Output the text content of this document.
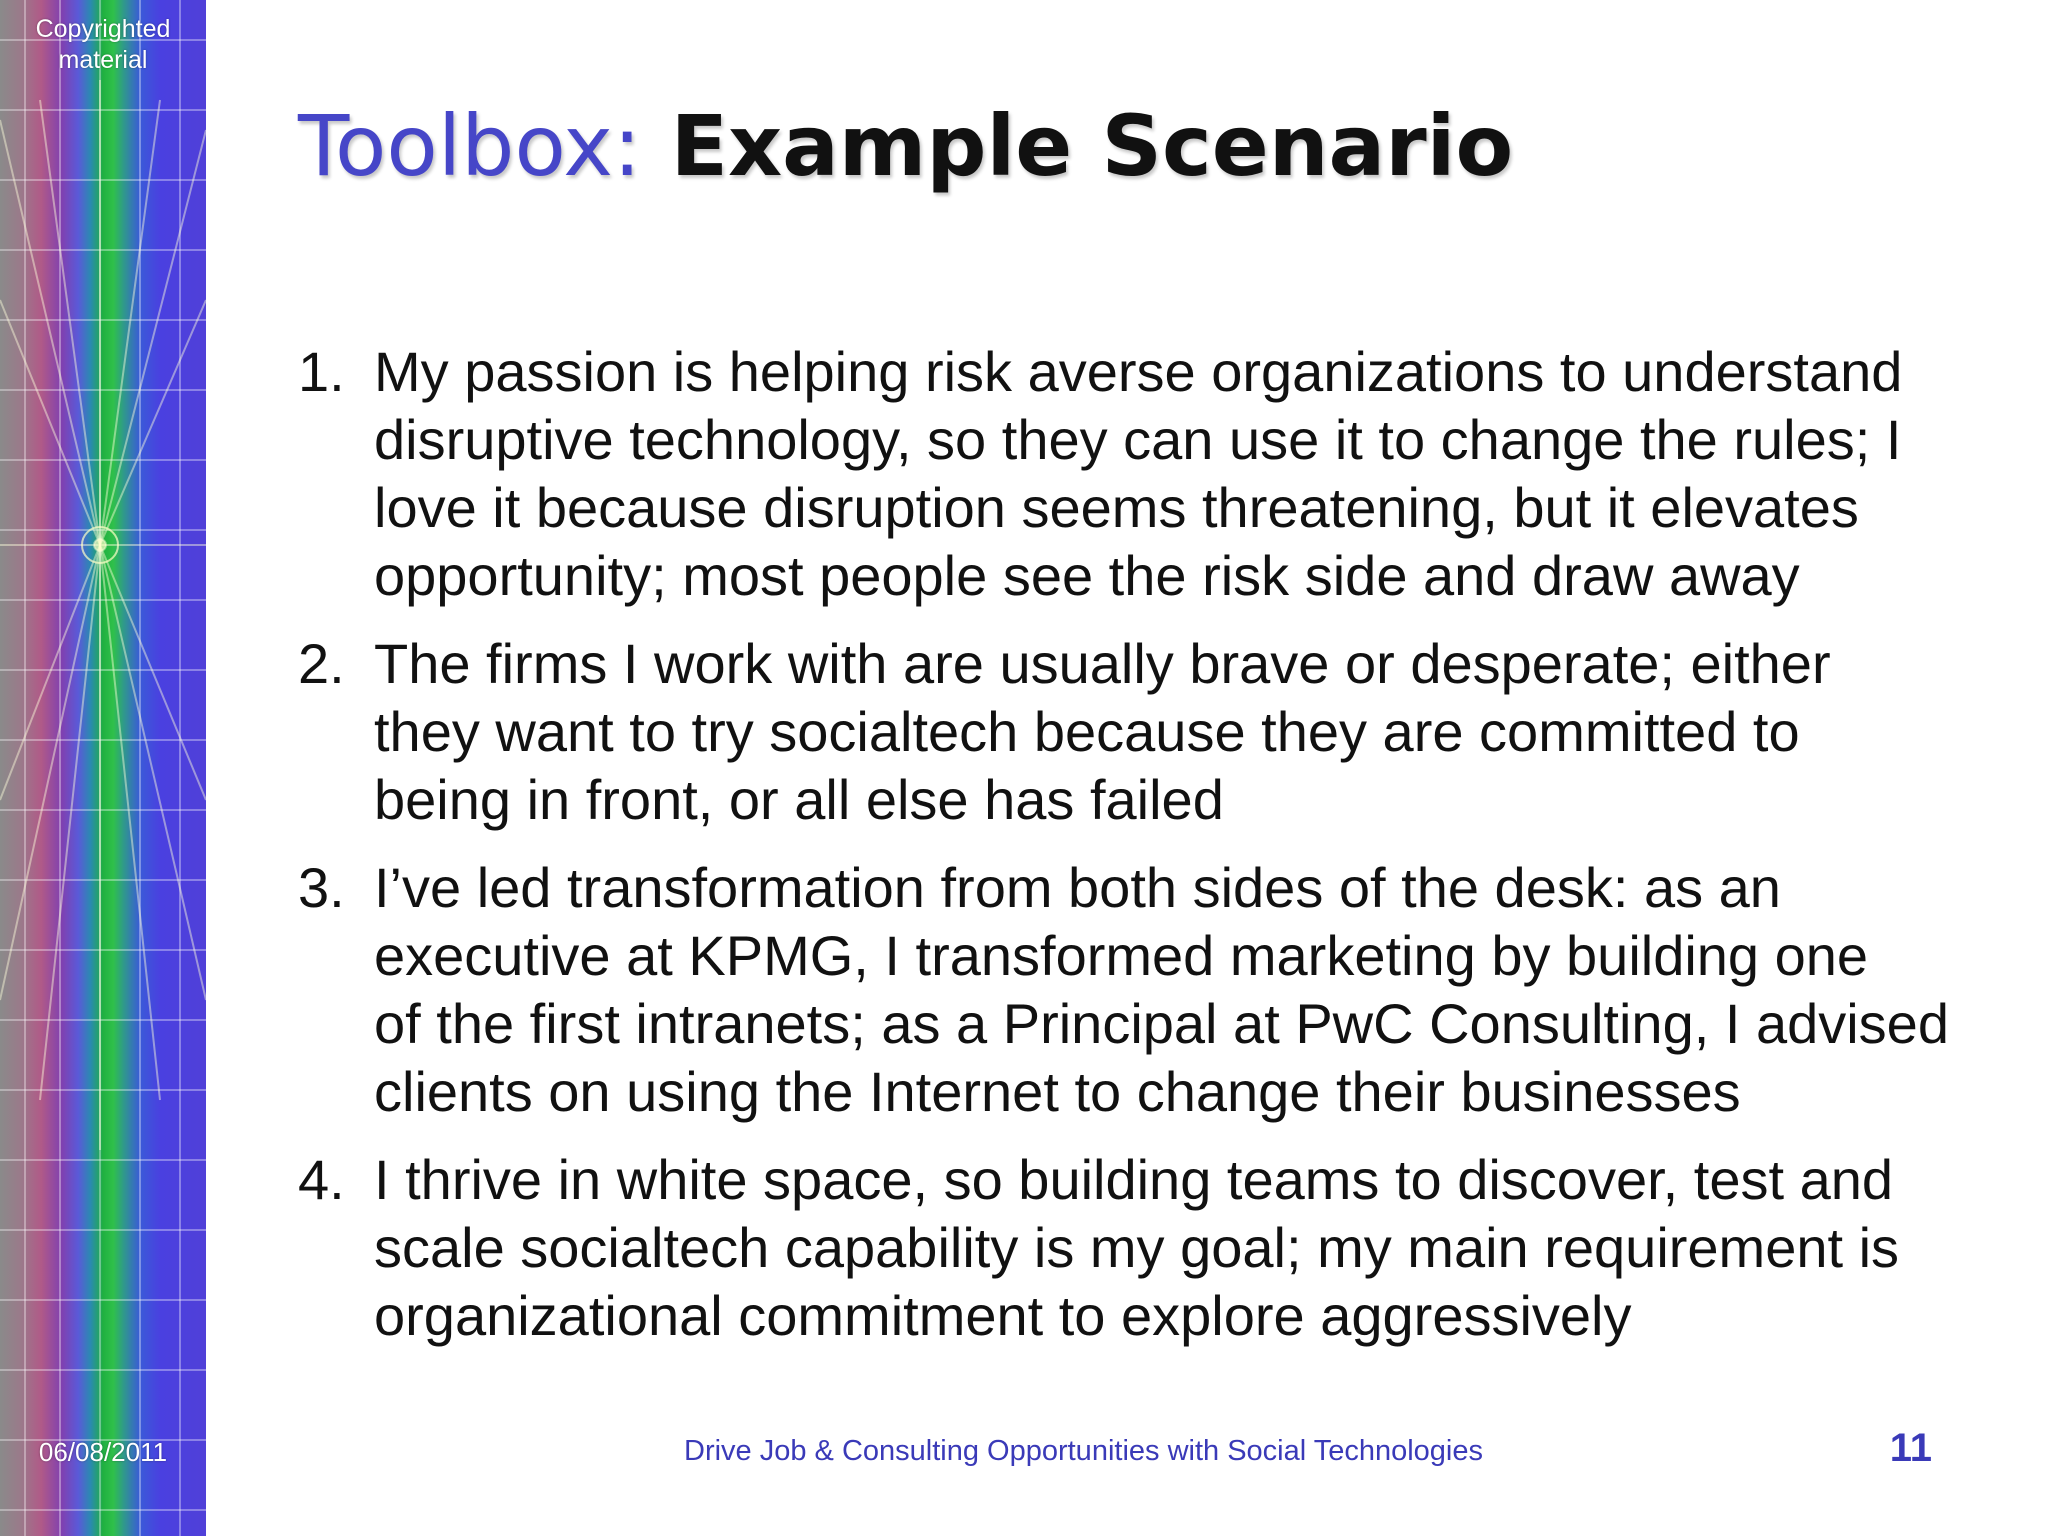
Copyrighted
material
06/08/2011
Toolbox: Example Scenario
1. My passion is helping risk averse organizations to understand
disruptive technology, so they can use it to change the rules; I
love it because disruption seems threatening, but it elevates
opportunity; most people see the risk side and draw away
2. The firms I work with are usually brave or desperate; either
they want to try socialtech because they are committed to
being in front, or all else has failed
3. I’ve led transformation from both sides of the desk: as an
executive at KPMG, I transformed marketing by building one
of the first intranets; as a Principal at PwC Consulting, I advised
clients on using the Internet to change their businesses
4. I thrive in white space, so building teams to discover, test and
scale socialtech capability is my goal; my main requirement is
organizational commitment to explore aggressively
Drive Job & Consulting Opportunities with Social Technologies	11
